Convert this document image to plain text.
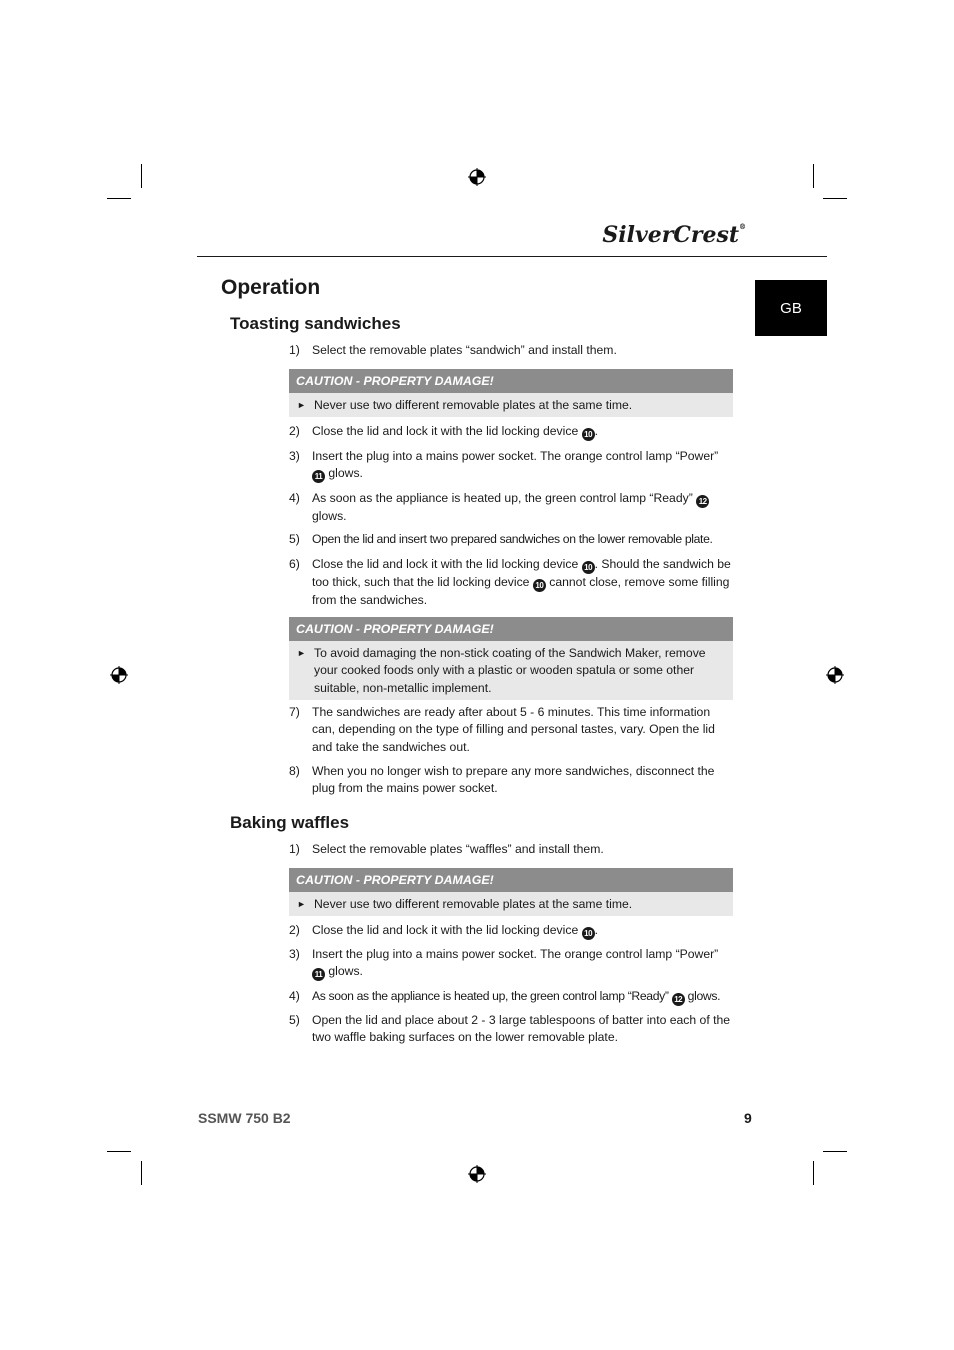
SilverCrest®
GB
Operation
Toasting sandwiches
1) Select the removable plates “sandwich” and install them.
CAUTION - PROPERTY DAMAGE!
► Never use two different removable plates at the same time.
2) Close the lid and lock it with the lid locking device 10 .
3) Insert the plug into a mains power socket. The orange control lamp “Power” 11 glows.
4) As soon as the appliance is heated up, the green control lamp “Ready” 12 glows.
5) Open the lid and insert two prepared sandwiches on the lower removable plate.
6) Close the lid and lock it with the lid locking device 10 . Should the sandwich be too thick, such that the lid locking device 10 cannot close, remove some filling from the sandwiches.
CAUTION - PROPERTY DAMAGE!
► To avoid damaging the non-stick coating of the Sandwich Maker, remove your cooked foods only with a plastic or wooden spatula or some other suitable, non-metallic implement.
7) The sandwiches are ready after about 5 - 6 minutes. This time information can, depending on the type of filling and personal tastes, vary. Open the lid and take the sandwiches out.
8) When you no longer wish to prepare any more sandwiches, disconnect the plug from the mains power socket.
Baking waffles
1) Select the removable plates “waffles” and install them.
CAUTION - PROPERTY DAMAGE!
► Never use two different removable plates at the same time.
2) Close the lid and lock it with the lid locking device 10 .
3) Insert the plug into a mains power socket. The orange control lamp “Power” 11 glows.
4) As soon as the appliance is heated up, the green control lamp “Ready” 12 glows.
5) Open the lid and place about 2 - 3 large tablespoons of batter into each of the two waffle baking surfaces on the lower removable plate.
SSMW 750 B2	9
